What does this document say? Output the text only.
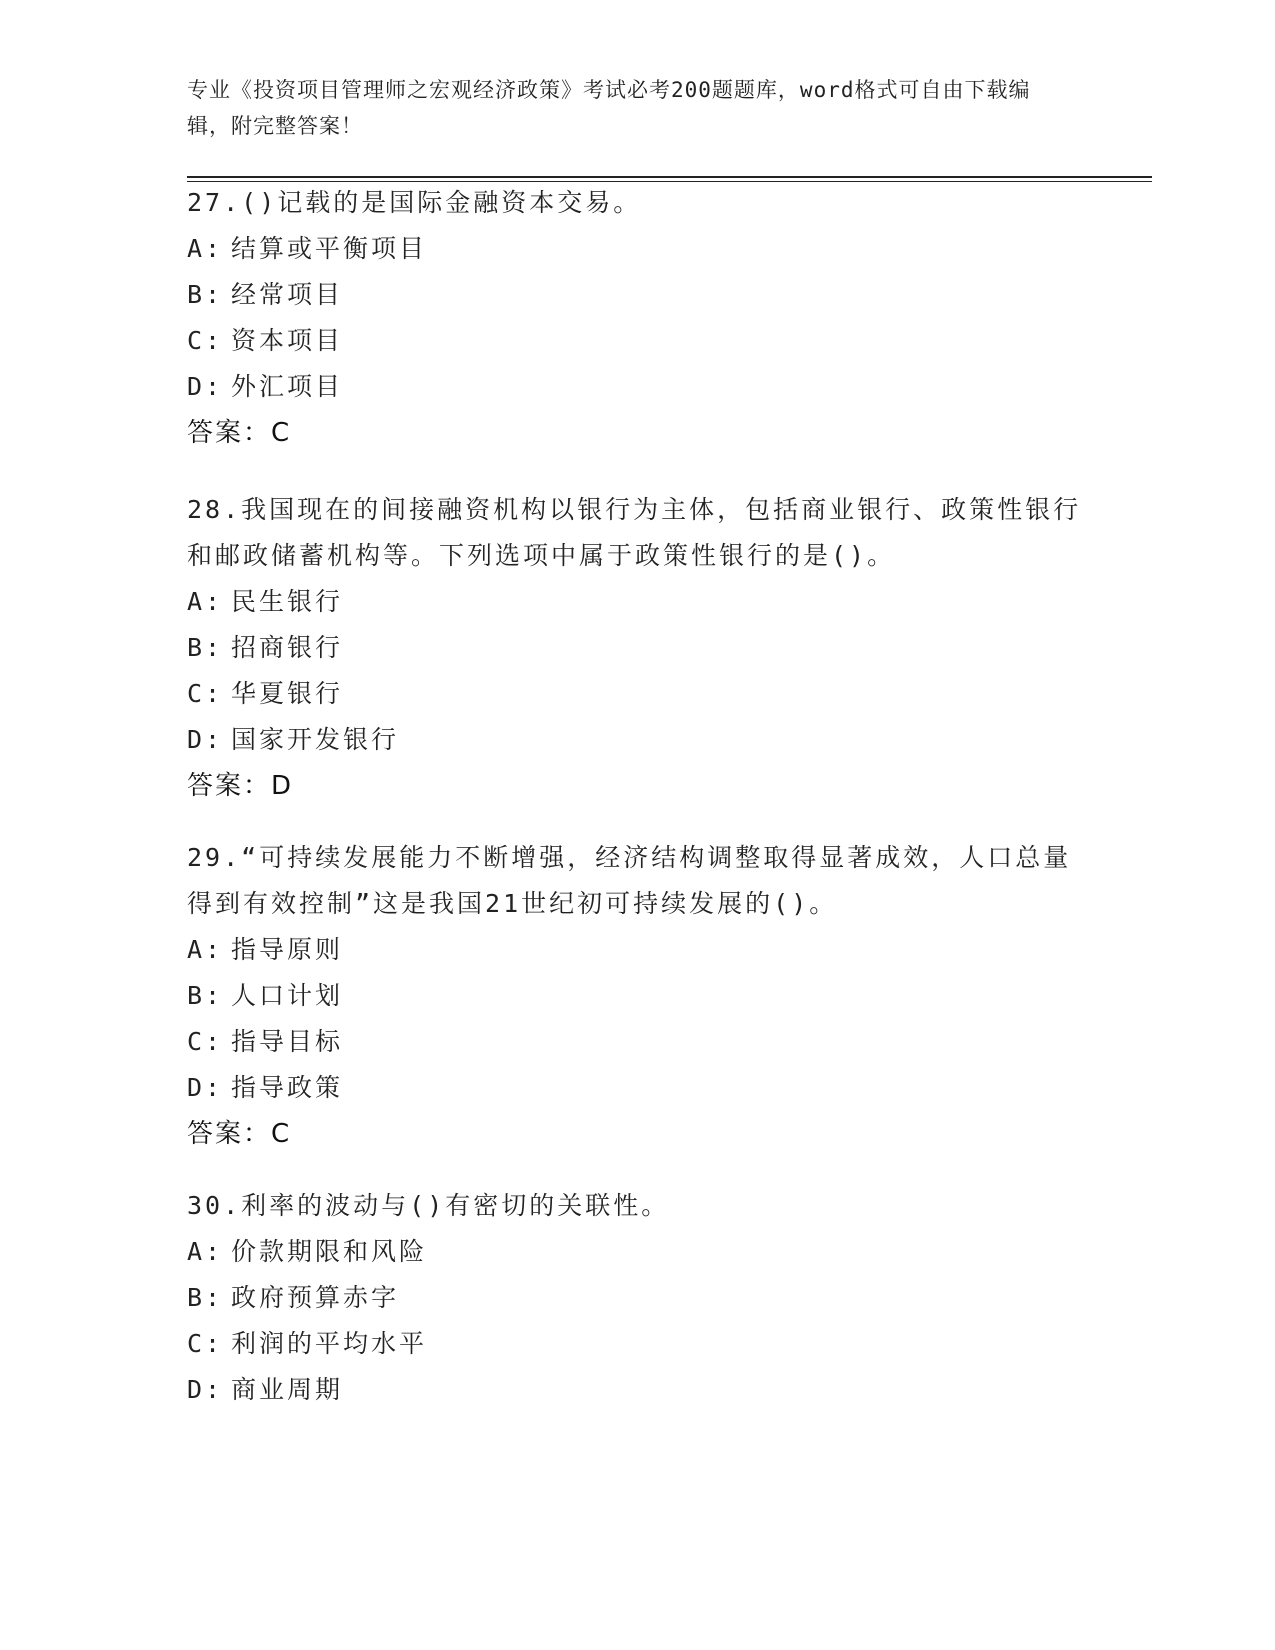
专业《投资项目管理师之宏观经济政策》考试必考200题题库，word格式可自由下载编辑，附完整答案！

27.()记载的是国际金融资本交易。

A: 结算或平衡项目
B: 经常项目
C: 资本项目
D: 外汇项目
答案：C

28.我国现在的间接融资机构以银行为主体，包括商业银行、政策性银行和邮政储蓄机构等。下列选项中属于政策性银行的是()。

A: 民生银行
B: 招商银行
C: 华夏银行
D: 国家开发银行
答案：D

29.“可持续发展能力不断增强，经济结构调整取得显著成效，人口总量得到有效控制”这是我国21世纪初可持续发展的()。

A: 指导原则
B: 人口计划
C: 指导目标
D: 指导政策
答案：C

30.利率的波动与()有密切的关联性。

A: 价款期限和风险
B: 政府预算赤字
C: 利润的平均水平
D: 商业周期
